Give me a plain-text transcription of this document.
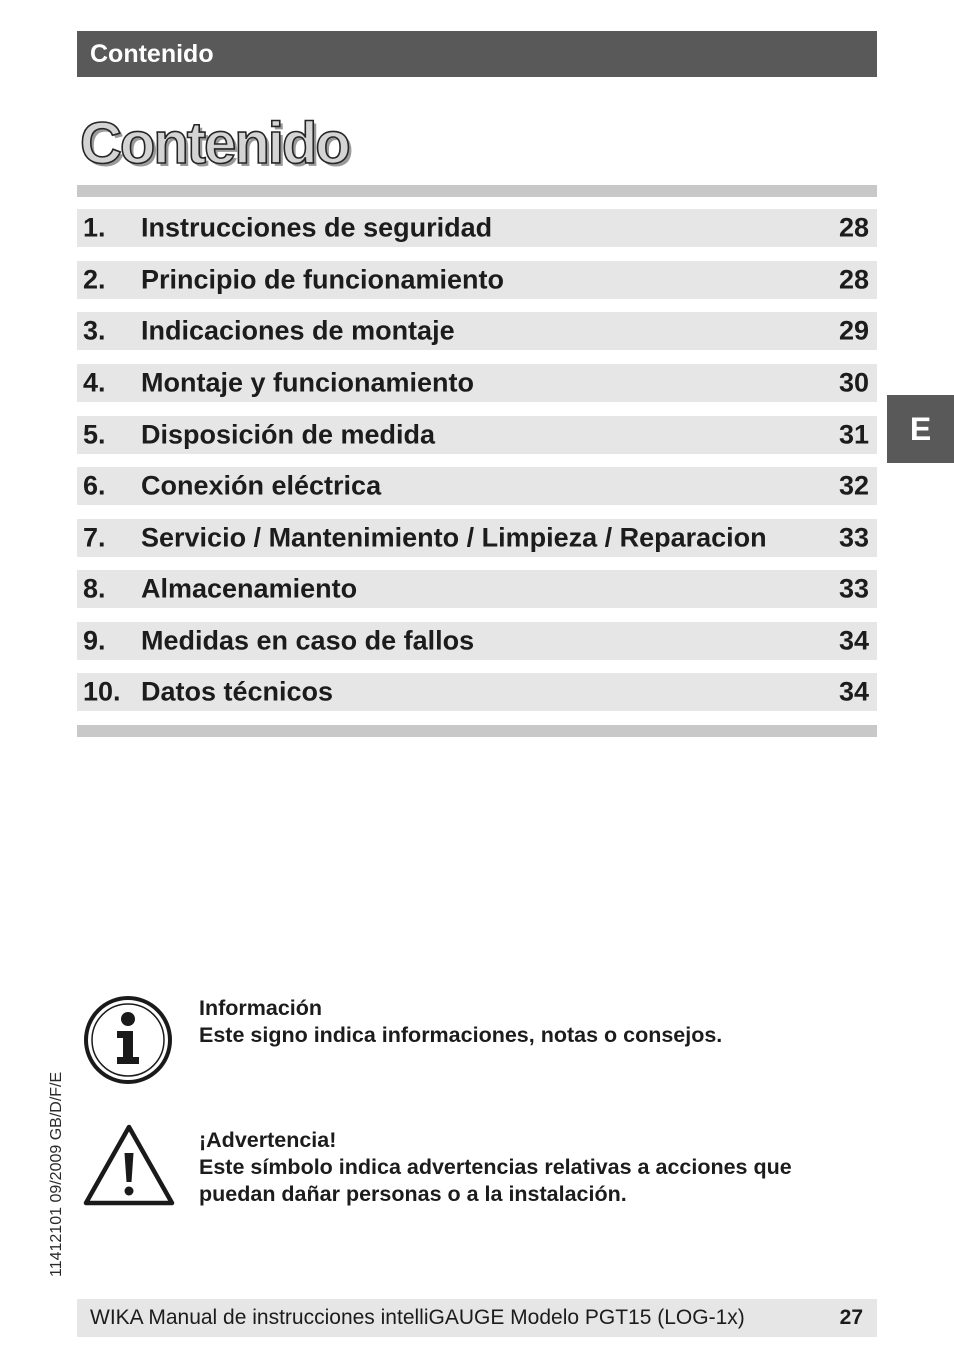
Contenido
Contenido
1. Instrucciones de seguridad	28
2. Principio de funcionamiento	28
3. Indicaciones de montaje	29
4. Montaje y funcionamiento	30
5. Disposición de medida	31
6. Conexión eléctrica	32
7. Servicio / Mantenimiento / Limpieza / Reparacion	33
8. Almacenamiento	33
9. Medidas en caso de fallos	34
10. Datos técnicos	34
E
11412101 09/2009 GB/D/F/E
Información
Este signo indica informaciones, notas o consejos.
¡Advertencia!
Este símbolo indica advertencias relativas a acciones que
puedan dañar personas o a la instalación.
WIKA Manual de instrucciones intelliGAUGE Modelo PGT15 (LOG-1x)	27
